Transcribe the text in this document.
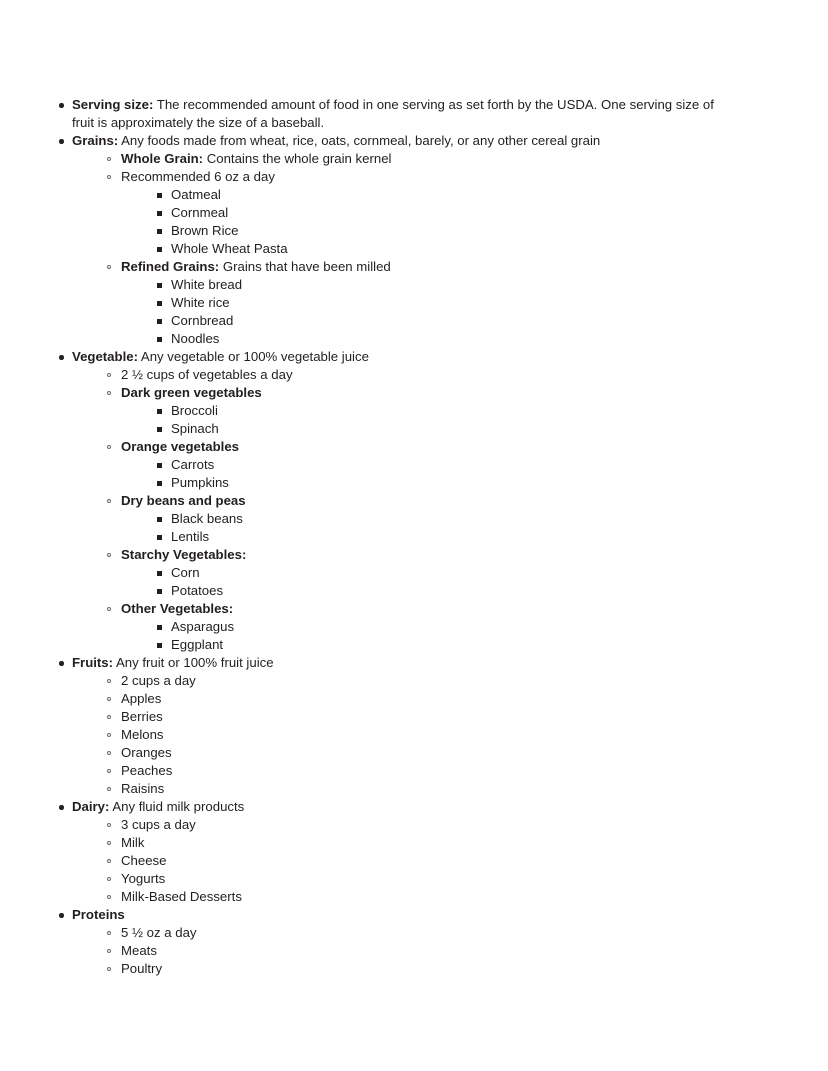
Serving size: The recommended amount of food in one serving as set forth by the USDA. One serving size of fruit is approximately the size of a baseball.
Grains: Any foods made from wheat, rice, oats, cornmeal, barely, or any other cereal grain
Whole Grain: Contains the whole grain kernel
Recommended 6 oz a day
Oatmeal
Cornmeal
Brown Rice
Whole Wheat Pasta
Refined Grains: Grains that have been milled
White bread
White rice
Cornbread
Noodles
Vegetable: Any vegetable or 100% vegetable juice
2 ½ cups of vegetables a day
Dark green vegetables
Broccoli
Spinach
Orange vegetables
Carrots
Pumpkins
Dry beans and peas
Black beans
Lentils
Starchy Vegetables:
Corn
Potatoes
Other Vegetables:
Asparagus
Eggplant
Fruits: Any fruit or 100% fruit juice
2 cups a day
Apples
Berries
Melons
Oranges
Peaches
Raisins
Dairy: Any fluid milk products
3 cups a day
Milk
Cheese
Yogurts
Milk-Based Desserts
Proteins
5 ½ oz a day
Meats
Poultry
